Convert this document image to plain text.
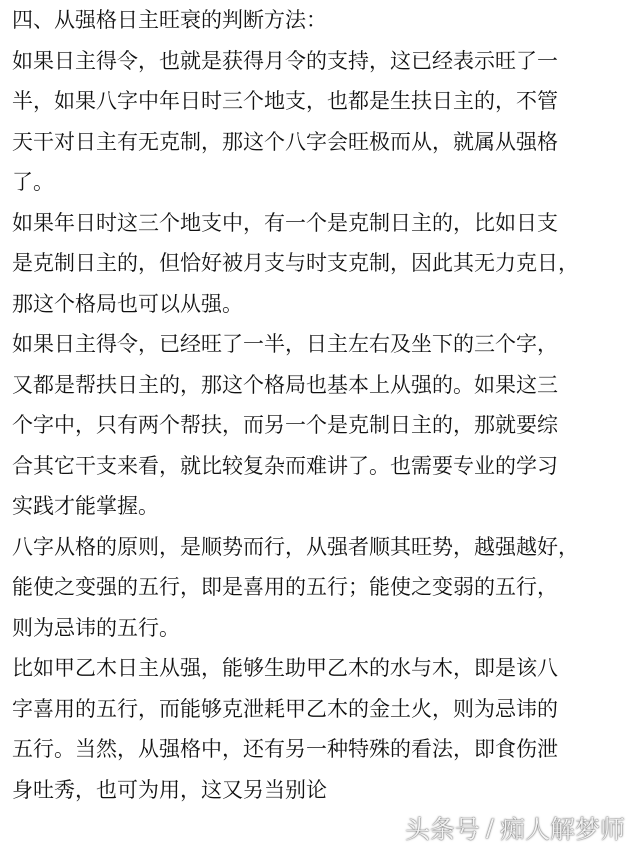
四、从强格日主旺衰的判断方法：
如果日主得令，也就是获得月令的支持，这已经表示旺了一
半，如果八字中年日时三个地支，也都是生扶日主的，不管
天干对日主有无克制，那这个八字会旺极而从，就属从强格
了。
如果年日时这三个地支中，有一个是克制日主的，比如日支
是克制日主的，但恰好被月支与时支克制，因此其无力克日，
那这个格局也可以从强。
如果日主得令，已经旺了一半，日主左右及坐下的三个字，
又都是帮扶日主的，那这个格局也基本上从强的。如果这三
个字中，只有两个帮扶，而另一个是克制日主的，那就要综
合其它干支来看，就比较复杂而难讲了。也需要专业的学习
实践才能掌握。
八字从格的原则，是顺势而行，从强者顺其旺势，越强越好，
能使之变强的五行，即是喜用的五行；能使之变弱的五行，
则为忌讳的五行。
比如甲乙木日主从强，能够生助甲乙木的水与木，即是该八
字喜用的五行，而能够克泄耗甲乙木的金土火，则为忌讳的
五行。当然，从强格中，还有另一种特殊的看法，即食伤泄
身吐秀，也可为用，这又另当别论
头条号 / 痴人解梦师
